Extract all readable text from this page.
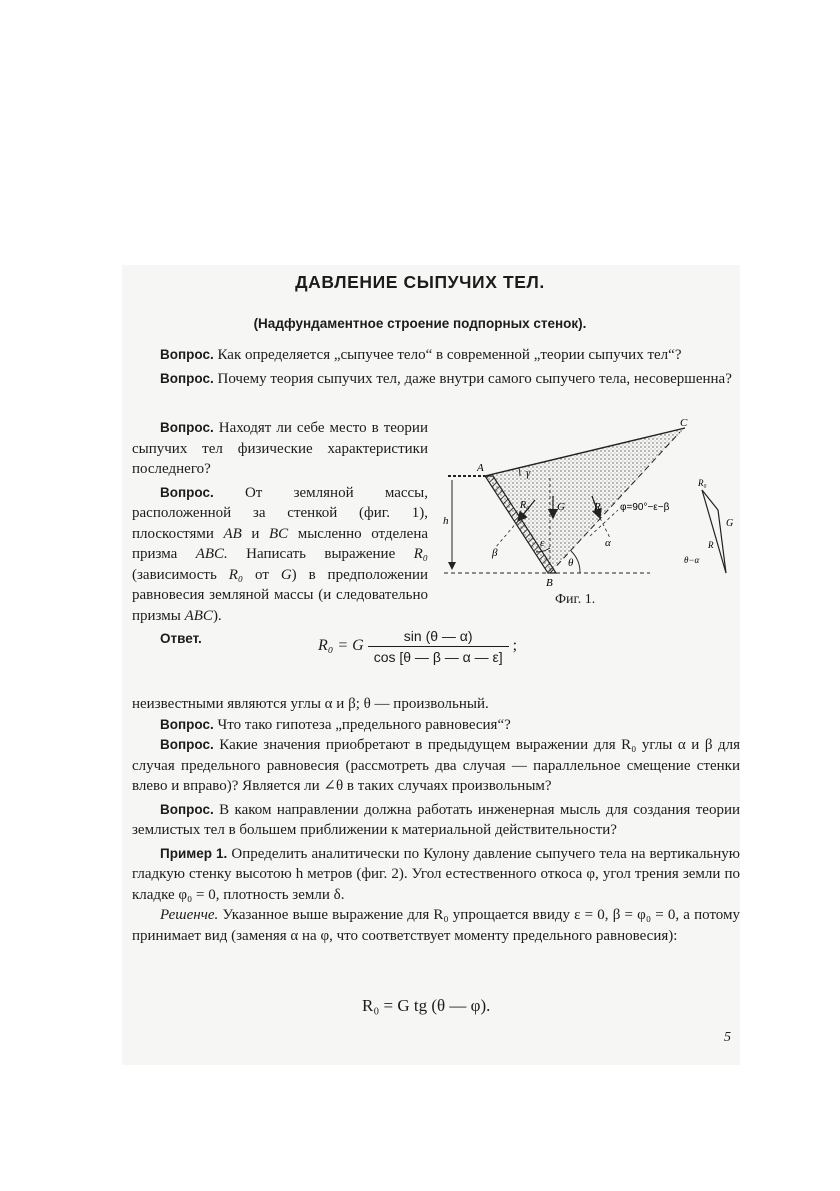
ДАВЛЕНИЕ СЫПУЧИХ ТЕЛ.
(Надфундаментное строение подпорных стенок).

Вопрос. Как определяется „сыпучее тело“ в современной „теории сыпучих тел“?

Вопрос. Почему теория сыпучих тел, даже внутри самого сыпучего тела, несовершенна?

Вопрос. Находят ли себе место в теории сыпучих тел физические характеристики последнего?

Вопрос. От земляной массы, расположенной за стенкой (фиг. 1), плоскостями AB и BC мысленно отделена призма ABC. Написать выражение R₀ (зависимость R₀ от G) в предположении равновесия земляной массы (и следовательно призмы ABC).

Ответ.

A
B
C
h
γ
G	R
R₀
β
ε
θ
α
φ=90°−ε−β
R₀
G
R
θ−α
Фиг. 1.
R₀ = G $\frac{\sin (\theta — \alpha)}{\cos [\theta — \beta — \alpha — \varepsilon]}$ ;

неизвестными являются углы α и β; θ — произвольный.

Вопрос. Что тако гипотеза „предельного равновесия“?

Вопрос. Какие значения приобретают в предыдущем выражении для R₀ углы α и β для случая предельного равновесия (рассмотреть два случая — параллельное смещение стенки влево и вправо)? Является ли ∠θ в таких случаях произвольным?

Вопрос. В каком направлении должна работать инженерная мысль для создания теории землистых тел в большем приближении к материальной действительности?

Пример 1. Определить аналитически по Кулону давление сыпучего тела на вертикальную гладкую стенку высотою h метров (фиг. 2). Угол естественного откоса φ, угол трения земли по кладке φ₀ = 0, плотность земли δ.

Решенче. Указанное выше выражение для R₀ упрощается ввиду ε = 0, β = φ₀ = 0, а потому принимает вид (заменяя α на φ, что соответствует моменту предельного равновесия):

R₀ = G tg (θ — φ).
5
